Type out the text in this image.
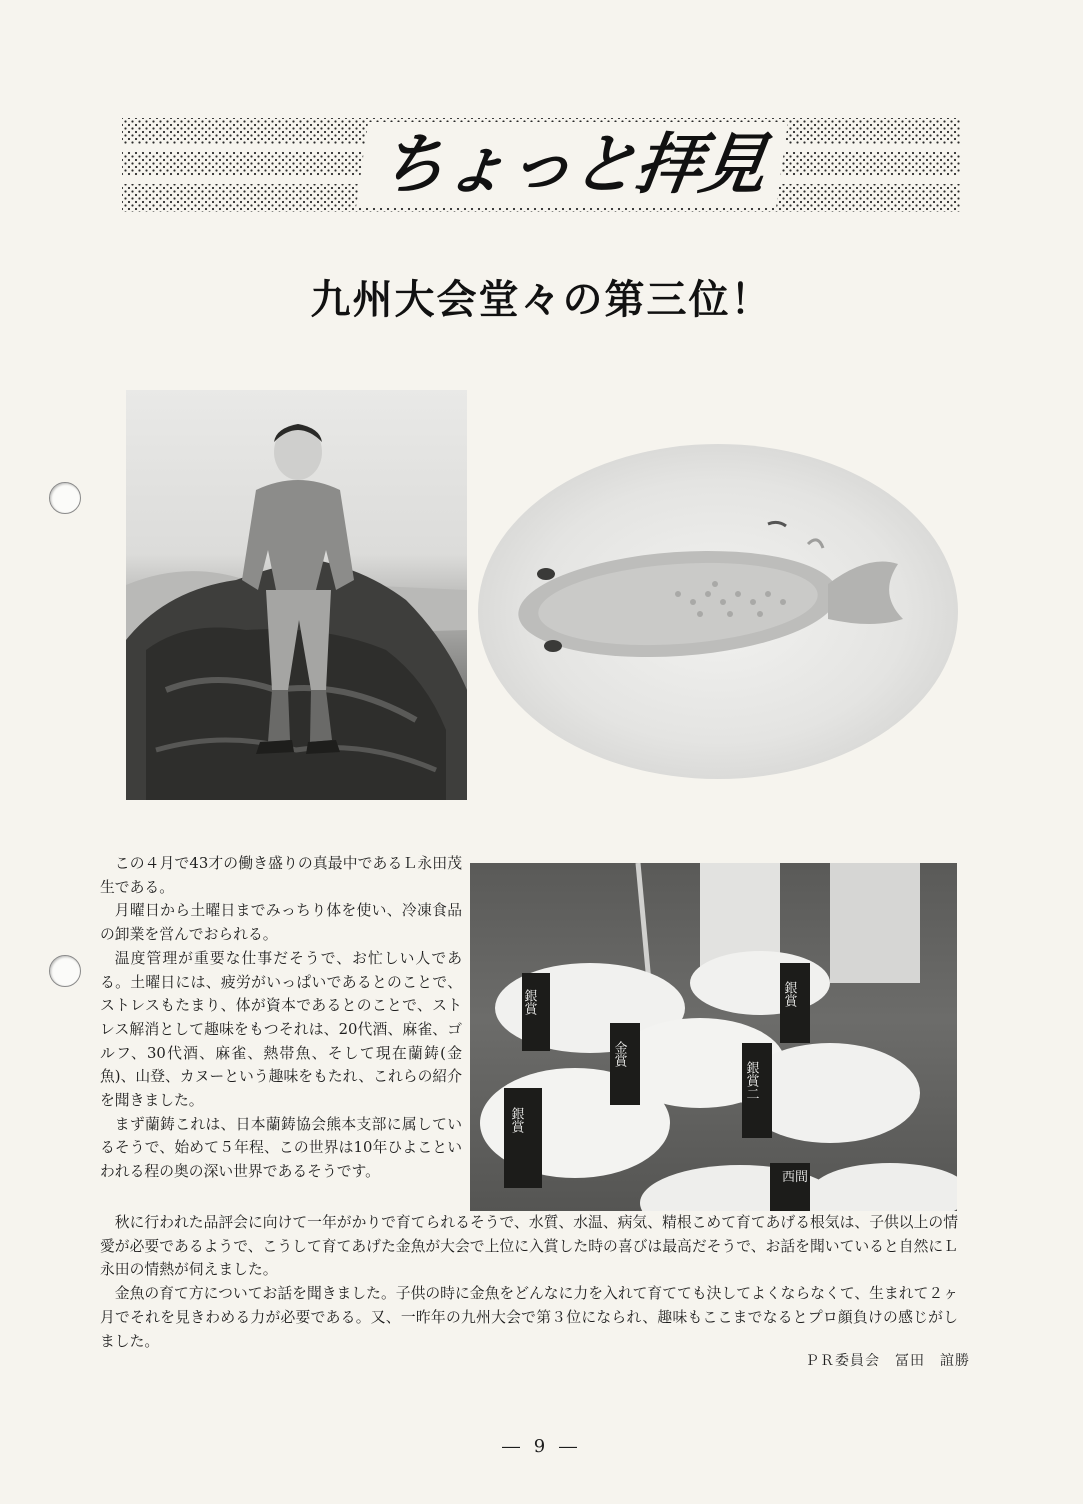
ちょっと拝見
九州大会堂々の第三位！
銀賞
金賞
銀賞
銀賞二
銀賞
西間

この４月で43才の働き盛りの真最中であるＬ永田茂生である。

月曜日から土曜日までみっちり体を使い、冷凍食品の卸業を営んでおられる。

温度管理が重要な仕事だそうで、お忙しい人である。土曜日には、疲労がいっぱいであるとのことで、ストレスもたまり、体が資本であるとのことで、ストレス解消として趣味をもつそれは、20代酒、麻雀、ゴルフ、30代酒、麻雀、熱帯魚、そして現在蘭鋳(金魚)、山登、カヌーという趣味をもたれ、これらの紹介を聞きました。

まず蘭鋳これは、日本蘭鋳協会熊本支部に属しているそうで、始めて５年程、この世界は10年ひよこといわれる程の奥の深い世界であるそうです。

秋に行われた品評会に向けて一年がかりで育てられるそうで、水質、水温、病気、精根こめて育てあげる根気は、子供以上の情愛が必要であるようで、こうして育てあげた金魚が大会で上位に入賞した時の喜びは最高だそうで、お話を聞いていると自然にＬ永田の情熱が伺えました。

金魚の育て方についてお話を聞きました。子供の時に金魚をどんなに力を入れて育てても決してよくならなくて、生まれて２ヶ月でそれを見きわめる力が必要である。又、一昨年の九州大会で第３位になられ、趣味もここまでなるとプロ顔負けの感じがしました。

ＰＲ委員会　冨田　誼勝
― 9 ―
